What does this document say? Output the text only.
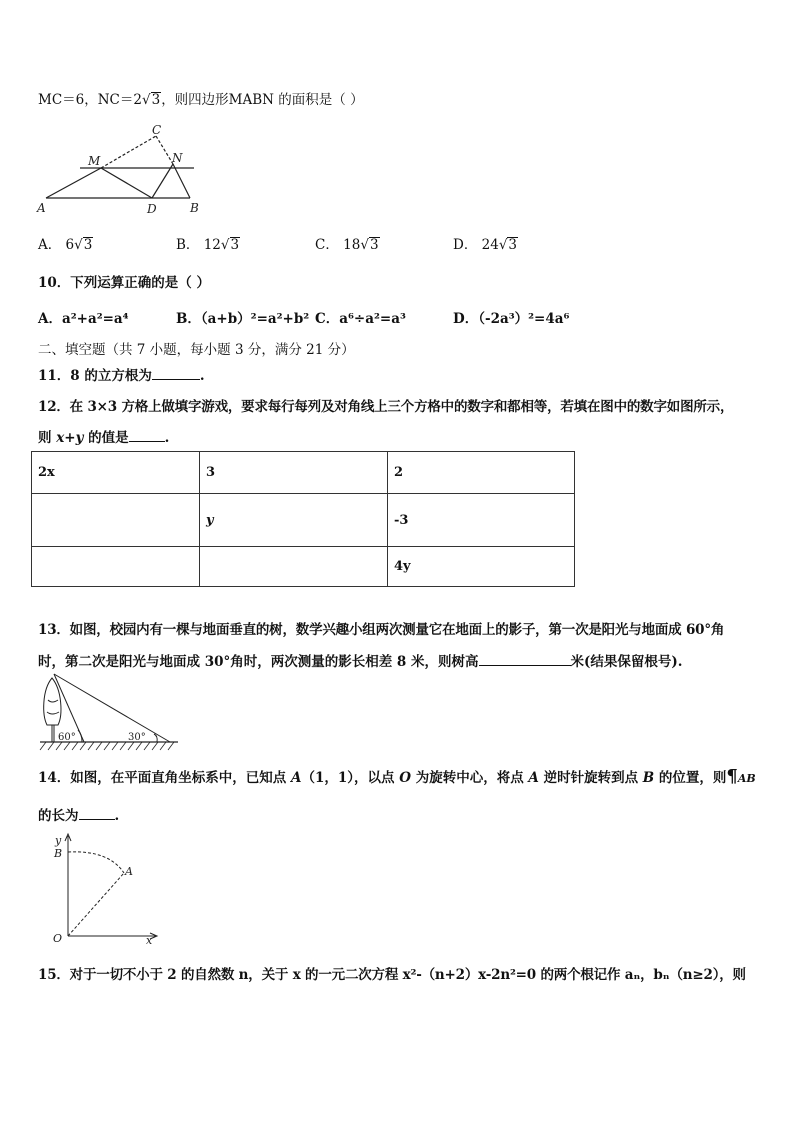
MC＝6，NC＝2√3，则四边形MABN 的面积是（ ）
C
M	N
A	D	B
A． 6√3	B． 12√3	C． 18√3	D． 24√3
10．下列运算正确的是（ ）
A．a²+a²=a⁴	B．（a+b）²=a²+b² C．a⁶÷a²=a³	D．（-2a³）²=4a⁶
二、填空题（共 7 小题，每小题 3 分，满分 21 分）
11．8 的立方根为	.
12．在 3×3 方格上做填字游戏，要求每行每列及对角线上三个方格中的数字和都相等，若填在图中的数字如图所示，
则 x+y 的值是	.
2x	3	2
	y	-3
		4y
13．如图，校园内有一棵与地面垂直的树，数学兴趣小组两次测量它在地面上的影子，第一次是阳光与地面成 60°角
时，第二次是阳光与地面成 30°角时，两次测量的影长相差 8 米，则树高	米(结果保留根号).
60°	30°
14．如图，在平面直角坐标系中，已知点 A（1，1），以点 O 为旋转中心，将点 A 逆时针旋转到点 B 的位置，则¶AB
的长为	.
y
B
A
O	x
15．对于一切不小于 2 的自然数 n，关于 x 的一元二次方程 x²-（n+2）x-2n²=0 的两个根记作 aₙ，bₙ（n≥2），则
